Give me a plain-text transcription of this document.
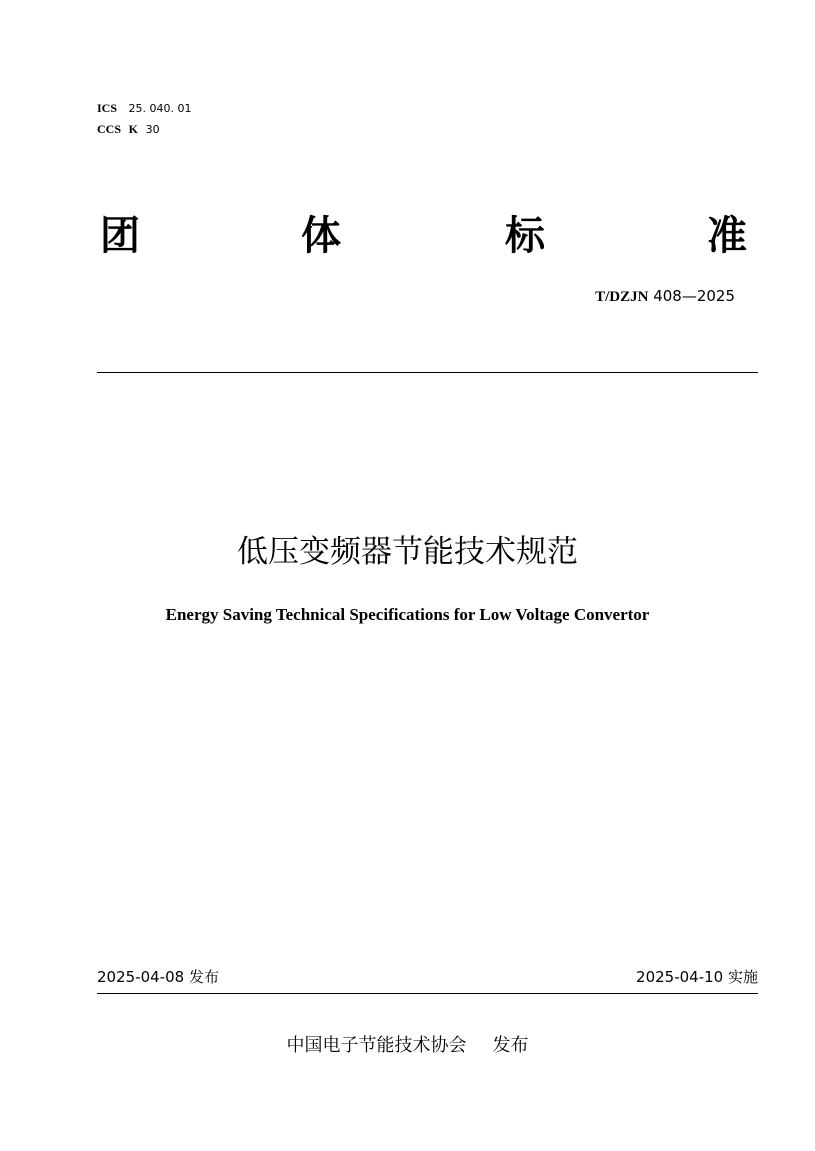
ICS 25. 040. 01
CCS K 30
团	体	标	准
T/DZJN 408—2025
低压变频器节能技术规范
Energy Saving Technical Specifications for Low Voltage Convertor
2025-04-08 发布	2025-04-10 实施
中国电子节能技术协会 发布
